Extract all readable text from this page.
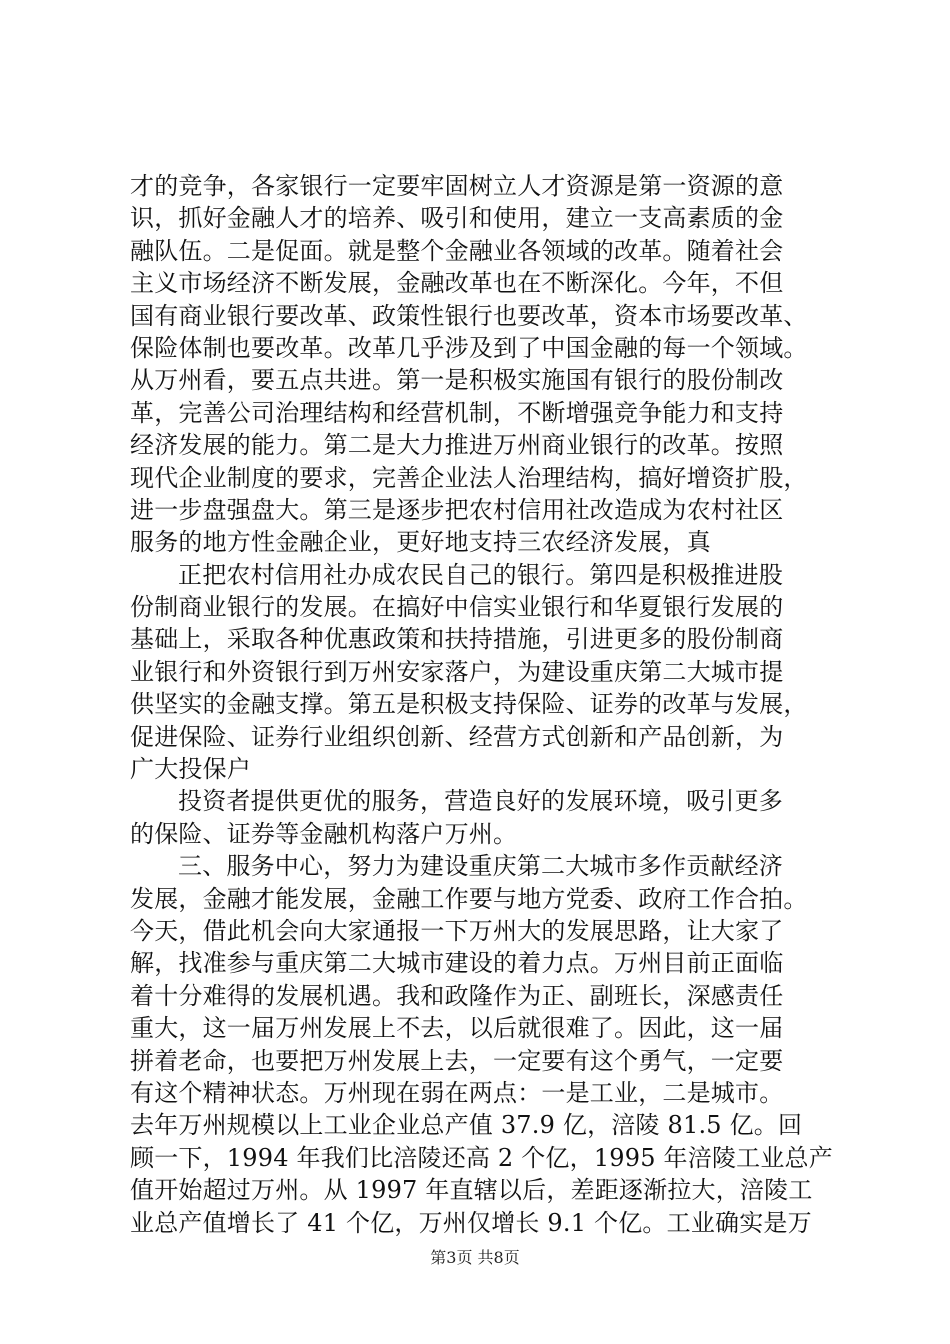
才的竞争，各家银行一定要牢固树立人才资源是第一资源的意
识，抓好金融人才的培养、吸引和使用，建立一支高素质的金
融队伍。二是促面。就是整个金融业各领域的改革。随着社会
主义市场经济不断发展，金融改革也在不断深化。今年，不但
国有商业银行要改革、政策性银行也要改革，资本市场要改革、
保险体制也要改革。改革几乎涉及到了中国金融的每一个领域。
从万州看，要五点共进。第一是积极实施国有银行的股份制改
革，完善公司治理结构和经营机制，不断增强竞争能力和支持
经济发展的能力。第二是大力推进万州商业银行的改革。按照
现代企业制度的要求，完善企业法人治理结构，搞好增资扩股，
进一步盘强盘大。第三是逐步把农村信用社改造成为农村社区
服务的地方性金融企业，更好地支持三农经济发展，真
正把农村信用社办成农民自己的银行。第四是积极推进股
份制商业银行的发展。在搞好中信实业银行和华夏银行发展的
基础上，采取各种优惠政策和扶持措施，引进更多的股份制商
业银行和外资银行到万州安家落户，为建设重庆第二大城市提
供坚实的金融支撑。第五是积极支持保险、证券的改革与发展，
促进保险、证券行业组织创新、经营方式创新和产品创新，为
广大投保户
投资者提供更优的服务，营造良好的发展环境，吸引更多
的保险、证券等金融机构落户万州。
三、服务中心，努力为建设重庆第二大城市多作贡献经济
发展，金融才能发展，金融工作要与地方党委、政府工作合拍。
今天，借此机会向大家通报一下万州大的发展思路，让大家了
解，找准参与重庆第二大城市建设的着力点。万州目前正面临
着十分难得的发展机遇。我和政隆作为正、副班长，深感责任
重大，这一届万州发展上不去，以后就很难了。因此，这一届
拼着老命，也要把万州发展上去，一定要有这个勇气，一定要
有这个精神状态。万州现在弱在两点：一是工业，二是城市。
去年万州规模以上工业企业总产值 37.9 亿，涪陵 81.5 亿。回
顾一下，1994 年我们比涪陵还高 2 个亿，1995 年涪陵工业总产
值开始超过万州。从 1997 年直辖以后，差距逐渐拉大，涪陵工
业总产值增长了 41 个亿，万州仅增长 9.1 个亿。工业确实是万
第3页 共8页
